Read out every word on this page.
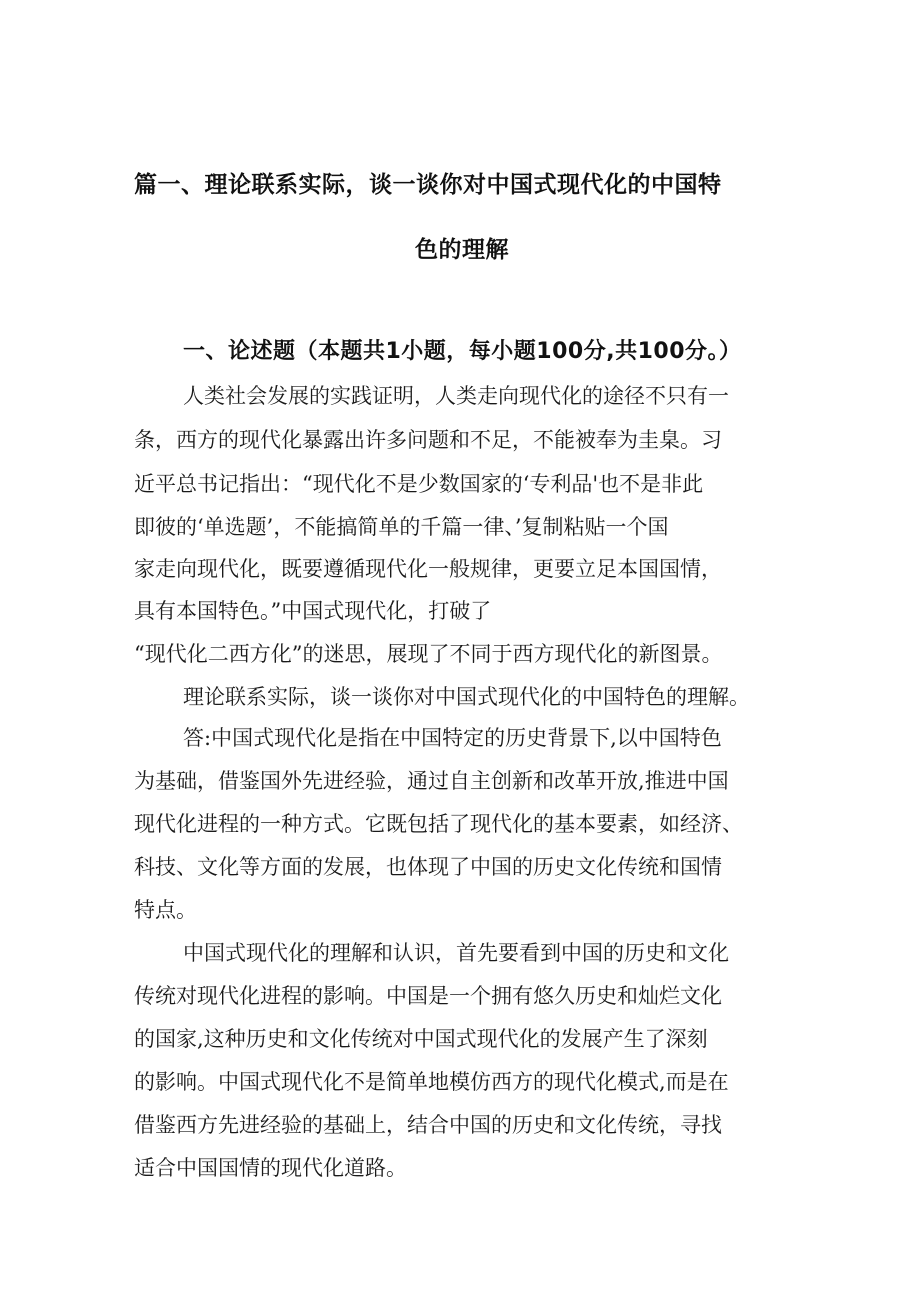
篇一、理论联系实际，谈一谈你对中国式现代化的中国特
色的理解
一、论述题（本题共1小题，每小题100分,共100分。）
人类社会发展的实践证明，人类走向现代化的途径不只有一
条，西方的现代化暴露出许多问题和不足，不能被奉为圭臬。习
近平总书记指出：“现代化不是少数国家的‘专利品'也不是非此
即彼的‘单选题’，不能搞简单的千篇一律、’复制粘贴一个国
家走向现代化，既要遵循现代化一般规律，更要立足本国国情，
具有本国特色。”中国式现代化，打破了
“现代化二西方化”的迷思，展现了不同于西方现代化的新图景。
理论联系实际，谈一谈你对中国式现代化的中国特色的理解。
答:中国式现代化是指在中国特定的历史背景下,以中国特色
为基础，借鉴国外先进经验，通过自主创新和改革开放,推进中国
现代化进程的一种方式。它既包括了现代化的基本要素，如经济、
科技、文化等方面的发展，也体现了中国的历史文化传统和国情
特点。
中国式现代化的理解和认识，首先要看到中国的历史和文化
传统对现代化进程的影响。中国是一个拥有悠久历史和灿烂文化
的国家,这种历史和文化传统对中国式现代化的发展产生了深刻
的影响。中国式现代化不是简单地模仿西方的现代化模式,而是在
借鉴西方先进经验的基础上，结合中国的历史和文化传统，寻找
适合中国国情的现代化道路。
